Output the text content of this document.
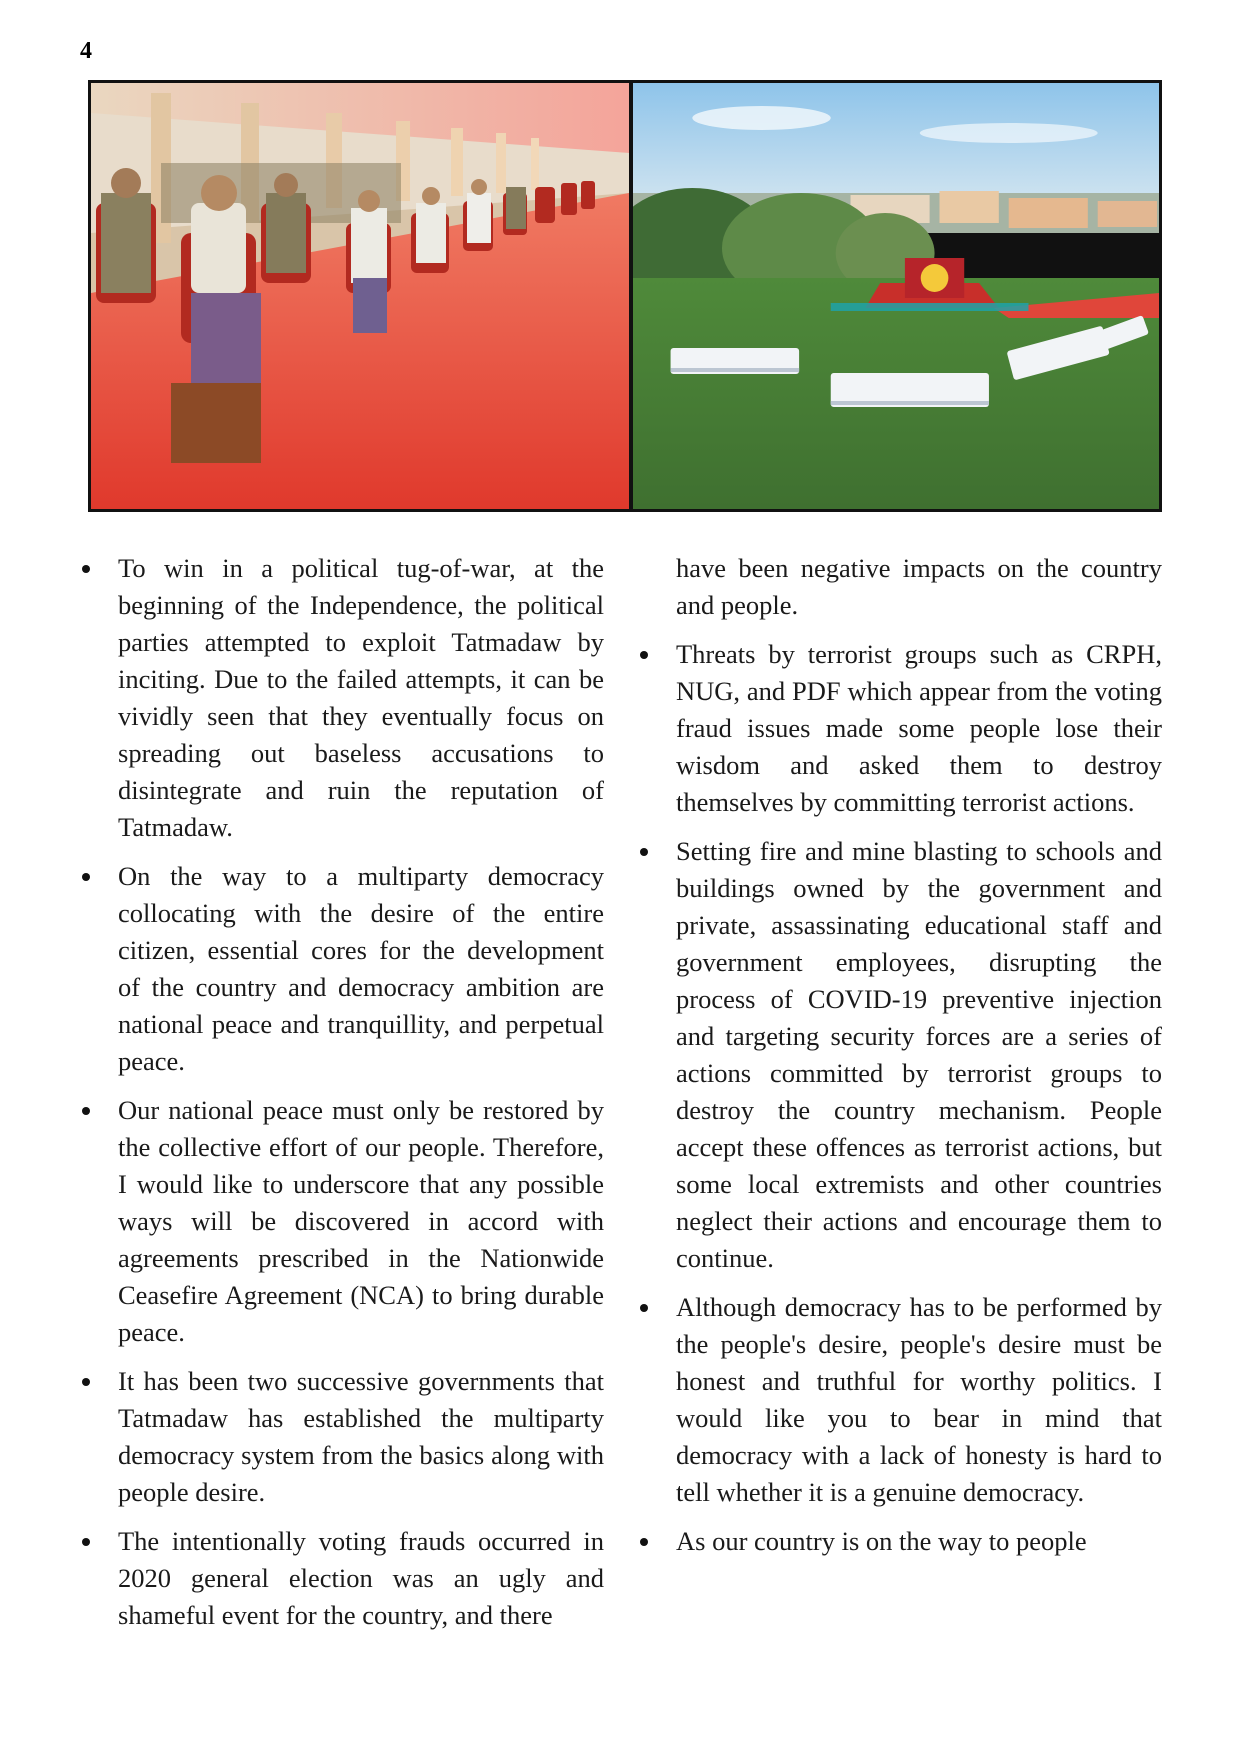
4
To win in a political tug-of-war, at the beginning of the Independence, the political parties attempted to exploit Tatmadaw by inciting. Due to the failed attempts, it can be vividly seen that they eventually focus on spreading out baseless accusations to disintegrate and ruin the reputation of Tatmadaw.
On the way to a multiparty democracy collocating with the desire of the entire citizen, essential cores for the development of the country and democracy ambition are national peace and tranquillity, and perpetual peace.
Our national peace must only be restored by the collective effort of our people. Therefore, I would like to underscore that any possible ways will be discovered in accord with agreements prescribed in the Nationwide Ceasefire Agreement (NCA) to bring durable peace.
It has been two successive governments that Tatmadaw has established the multiparty democracy system from the basics along with people desire.
The intentionally voting frauds occurred in 2020 general election was an ugly and shameful event for the country, and there
have been negative impacts on the country and people.
Threats by terrorist groups such as CRPH, NUG, and PDF which appear from the voting fraud issues made some people lose their wisdom and asked them to destroy themselves by committing terrorist actions.
Setting fire and mine blasting to schools and buildings owned by the government and private, assassinating educational staff and government employees, disrupting the process of COVID-19 preventive injection and targeting security forces are a series of actions committed by terrorist groups to destroy the country mechanism. People accept these offences as terrorist actions, but some local extremists and other countries neglect their actions and encourage them to continue.
Although democracy has to be performed by the people's desire, people's desire must be honest and truthful for worthy politics. I would like you to bear in mind that democracy with a lack of honesty is hard to tell whether it is a genuine democracy.
As our country is on the way to people
